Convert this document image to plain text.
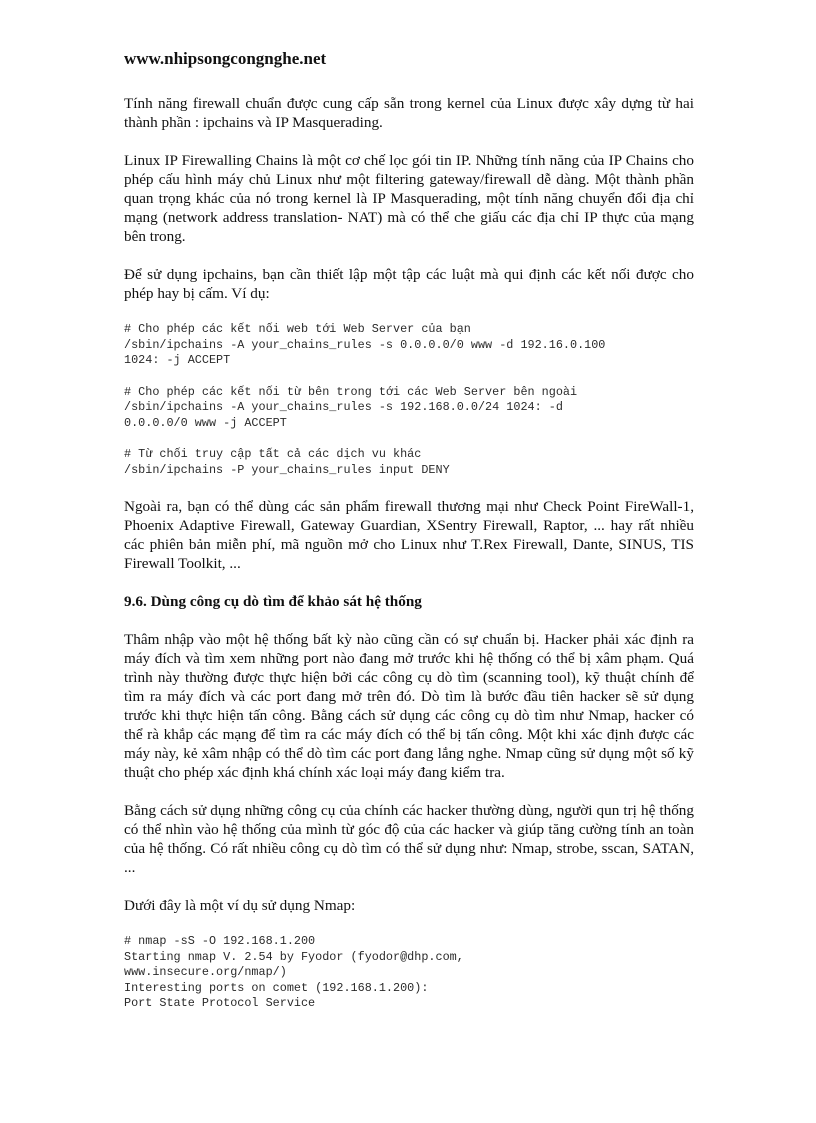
www.nhipsongcongnghe.net

Tính năng firewall chuẩn được cung cấp sẵn trong kernel của Linux được xây dựng từ hai thành phần : ipchains và IP Masquerading.

Linux IP Firewalling Chains là một cơ chế lọc gói tin IP. Những tính năng của IP Chains cho phép cấu hình máy chủ Linux như một filtering gateway/firewall dễ dàng. Một thành phần quan trọng khác của nó trong kernel là IP Masquerading, một tính năng chuyển đổi địa chỉ mạng (network address translation- NAT) mà có thể che giấu các địa chỉ IP thực của mạng bên trong.

Để sử dụng ipchains, bạn cần thiết lập một tập các luật mà qui định các kết nối được cho phép hay bị cấm. Ví dụ:

# Cho phép các kết nối web tới Web Server của bạn
/sbin/ipchains -A your_chains_rules -s 0.0.0.0/0 www -d 192.16.0.100
1024: -j ACCEPT
# Cho phép các kết nối từ bên trong tới các Web Server bên ngoài
/sbin/ipchains -A your_chains_rules -s 192.168.0.0/24 1024: -d
0.0.0.0/0 www -j ACCEPT
# Từ chối truy cập tất cả các dịch vu khác
/sbin/ipchains -P your_chains_rules input DENY

Ngoài ra, bạn có thể dùng các sản phẩm firewall thương mại như Check Point FireWall-1, Phoenix Adaptive Firewall, Gateway Guardian, XSentry Firewall, Raptor, ... hay rất nhiều các phiên bản miễn phí, mã nguồn mở cho Linux như T.Rex Firewall, Dante, SINUS, TIS Firewall Toolkit, ...

9.6. Dùng công cụ dò tìm để khảo sát hệ thống

Thâm nhập vào một hệ thống bất kỳ nào cũng cần có sự chuẩn bị. Hacker phải xác định ra máy đích và tìm xem những port nào đang mở trước khi hệ thống có thể bị xâm phạm. Quá trình này thường được thực hiện bởi các công cụ dò tìm (scanning tool), kỹ thuật chính để tìm ra máy đích và các port đang mở trên đó. Dò tìm là bước đầu tiên hacker sẽ sử dụng trước khi thực hiện tấn công. Bằng cách sử dụng các công cụ dò tìm như Nmap, hacker có thể rà khắp các mạng để tìm ra các máy đích có thể bị tấn công. Một khi xác định được các máy này, kẻ xâm nhập có thể dò tìm các port đang lắng nghe. Nmap cũng sử dụng một số kỹ thuật cho phép xác định khá chính xác loại máy đang kiểm tra.

Bằng cách sử dụng những công cụ của chính các hacker thường dùng, người qun trị hệ thống có thể nhìn vào hệ thống của mình từ góc độ của các hacker và giúp tăng cường tính an toàn của hệ thống. Có rất nhiều công cụ dò tìm có thể sử dụng như: Nmap, strobe, sscan, SATAN, ...

Dưới đây là một ví dụ sử dụng Nmap:

# nmap -sS -O 192.168.1.200
Starting nmap V. 2.54 by Fyodor (fyodor@dhp.com,
www.insecure.org/nmap/)
Interesting ports on comet (192.168.1.200):
Port State Protocol Service
